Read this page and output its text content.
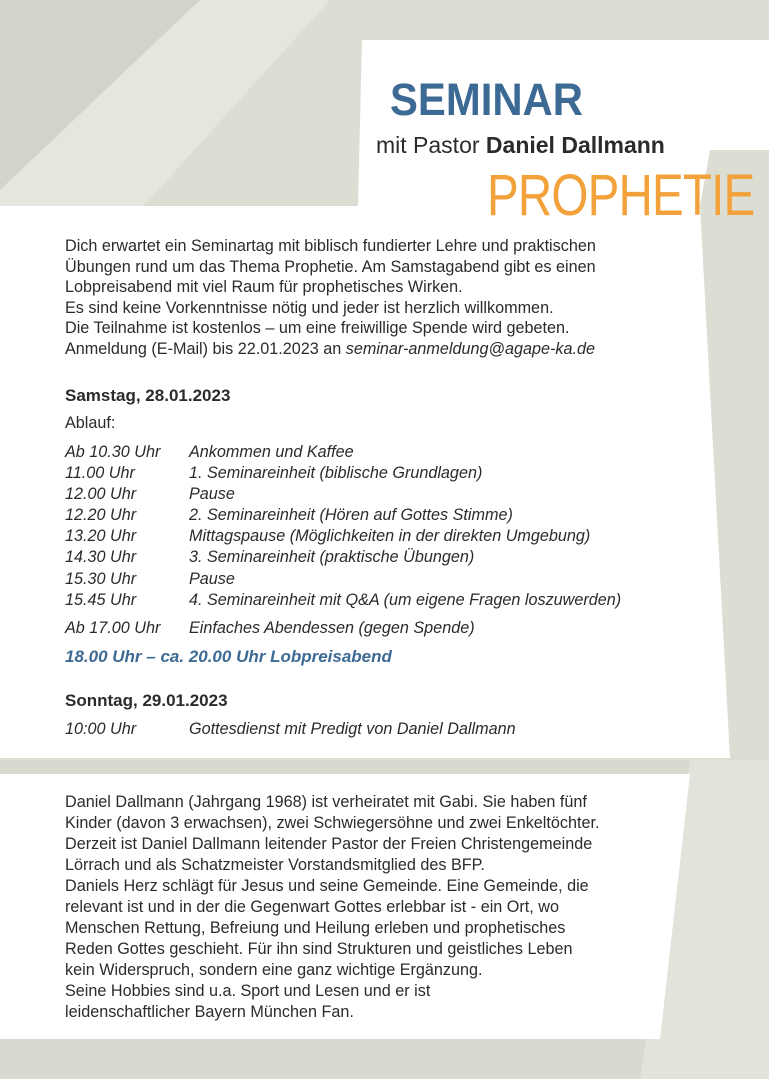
SEMINAR
mit Pastor Daniel Dallmann
PROPHETIE
Dich erwartet ein Seminartag mit biblisch fundierter Lehre und praktischen
Übungen rund um das Thema Prophetie. Am Samstagabend gibt es einen
Lobpreisabend mit viel Raum für prophetisches Wirken.
Es sind keine Vorkenntnisse nötig und jeder ist herzlich willkommen.
Die Teilnahme ist kostenlos – um eine freiwillige Spende wird gebeten.
Anmeldung (E-Mail) bis 22.01.2023 an seminar-anmeldung@agape-ka.de
Samstag, 28.01.2023
Ablauf:
Ab 10.30 Uhr Ankommen und Kaffee
11.00 Uhr	1. Seminareinheit (biblische Grundlagen)
12.00 Uhr	Pause
12.20 Uhr	2. Seminareinheit (Hören auf Gottes Stimme)
13.20 Uhr	Mittagspause (Möglichkeiten in der direkten Umgebung)
14.30 Uhr	3. Seminareinheit (praktische Übungen)
15.30 Uhr	Pause
15.45 Uhr	4. Seminareinheit mit Q&A (um eigene Fragen loszuwerden)
Ab 17.00 Uhr Einfaches Abendessen (gegen Spende)
18.00 Uhr – ca. 20.00 Uhr Lobpreisabend
Sonntag, 29.01.2023
10:00 Uhr	Gottesdienst mit Predigt von Daniel Dallmann
Daniel Dallmann (Jahrgang 1968) ist verheiratet mit Gabi. Sie haben fünf
Kinder (davon 3 erwachsen), zwei Schwiegersöhne und zwei Enkeltöchter.
Derzeit ist Daniel Dallmann leitender Pastor der Freien Christengemeinde
Lörrach und als Schatzmeister Vorstandsmitglied des BFP.
Daniels Herz schlägt für Jesus und seine Gemeinde. Eine Gemeinde, die
relevant ist und in der die Gegenwart Gottes erlebbar ist - ein Ort, wo
Menschen Rettung, Befreiung und Heilung erleben und prophetisches
Reden Gottes geschieht. Für ihn sind Strukturen und geistliches Leben
kein Widerspruch, sondern eine ganz wichtige Ergänzung.
Seine Hobbies sind u.a. Sport und Lesen und er ist
leidenschaftlicher Bayern München Fan.
